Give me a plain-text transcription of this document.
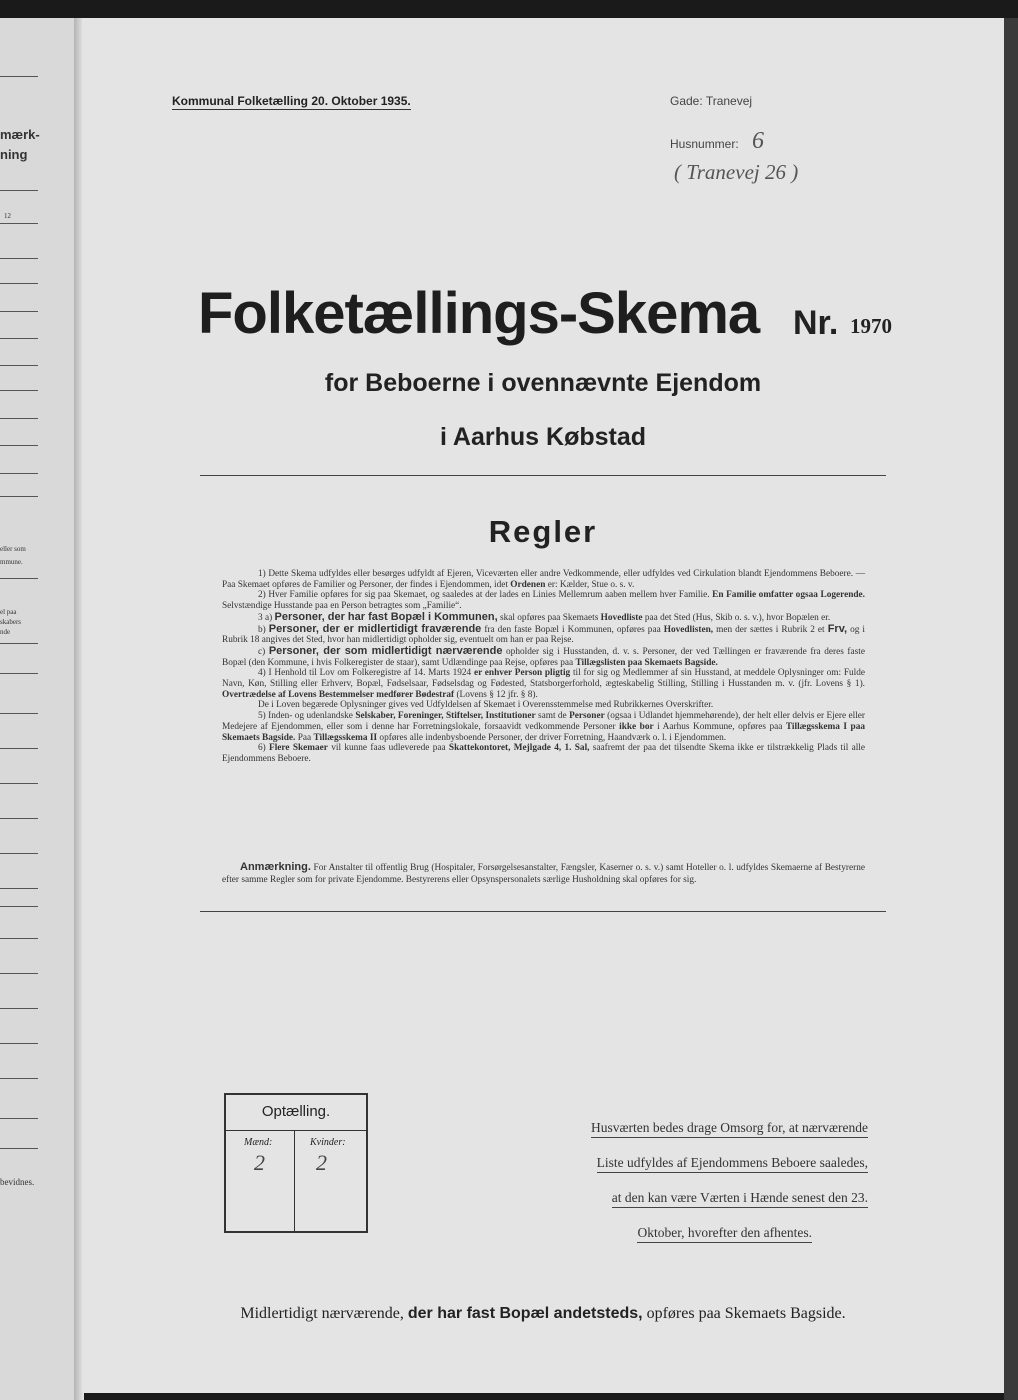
mærk-
ning
12
eller som
mmune.
el paa
skabers
nde
bevidnes.
Kommunal Folketælling 20. Oktober 1935.	Gade: Tranevej
Husnummer: 6
( Tranevej 26 )
Folketællings-Skema Nr. 1970
for Beboerne i ovennævnte Ejendom
i Aarhus Købstad
Regler

1) Dette Skema udfyldes eller besørges udfyldt af Ejeren, Viceværten eller andre Vedkommende, eller udfyldes ved Cirkulation blandt Ejendommens Beboere. — Paa Skemaet opføres de Familier og Personer, der findes i Ejendommen, idet Ordenen er: Kælder, Stue o. s. v.

2) Hver Familie opføres for sig paa Skemaet, og saaledes at der lades en Linies Mellemrum aaben mellem hver Familie. En Familie omfatter ogsaa Logerende. Selvstændige Husstande paa en Person betragtes som „Familie“.

3 a) Personer, der har fast Bopæl i Kommunen, skal opføres paa Skemaets Hovedliste paa det Sted (Hus, Skib o. s. v.), hvor Bopælen er.

b) Personer, der er midlertidigt fraværende fra den faste Bopæl i Kommunen, opføres paa Hovedlisten, men der sættes i Rubrik 2 et Frv, og i Rubrik 18 angives det Sted, hvor han midlertidigt opholder sig, eventuelt om han er paa Rejse.

c) Personer, der som midlertidigt nærværende opholder sig i Husstanden, d. v. s. Personer, der ved Tællingen er fraværende fra deres faste Bopæl (den Kommune, i hvis Folkeregister de staar), samt Udlændinge paa Rejse, opføres paa Tillægslisten paa Skemaets Bagside.

4) I Henhold til Lov om Folkeregistre af 14. Marts 1924 er enhver Person pligtig til for sig og Medlemmer af sin Husstand, at meddele Oplysninger om: Fulde Navn, Køn, Stilling eller Erhverv, Bopæl, Fødselsaar, Fødselsdag og Fødested, Statsborgerforhold, ægteskabelig Stilling, Stilling i Husstanden m. v. (jfr. Lovens § 1). Overtrædelse af Lovens Bestemmelser medfører Bødestraf (Lovens § 12 jfr. § 8).

De i Loven begærede Oplysninger gives ved Udfyldelsen af Skemaet i Overensstemmelse med Rubrikkernes Overskrifter.

5) Inden- og udenlandske Selskaber, Foreninger, Stiftelser, Institutioner samt de Personer (ogsaa i Udlandet hjemmehørende), der helt eller delvis er Ejere eller Medejere af Ejendommen, eller som i denne har Forretningslokale, forsaavidt vedkommende Personer ikke bor i Aarhus Kommune, opføres paa Tillægsskema I paa Skemaets Bagside. Paa Tillægsskema II opføres alle indenbysboende Personer, der driver Forretning, Haandværk o. l. i Ejendommen.

6) Flere Skemaer vil kunne faas udleverede paa Skattekontoret, Mejlgade 4, 1. Sal, saafremt der paa det tilsendte Skema ikke er tilstrækkelig Plads til alle Ejendommens Beboere.

Anmærkning. For Anstalter til offentlig Brug (Hospitaler, Forsørgelsesanstalter, Fængsler, Kaserner o. s. v.) samt Hoteller o. l. udfyldes Skemaerne af Bestyrerne efter samme Regler som for private Ejendomme. Bestyrerens eller Opsynspersonalets særlige Husholdning skal opføres for sig.
Optælling.
Mænd:	Kvinder:
2 2
Husværten bedes drage Omsorg for, at nærværende
Liste udfyldes af Ejendommens Beboere saaledes,
at den kan være Værten i Hænde senest den 23.
Oktober, hvorefter den afhentes.
Midlertidigt nærværende, der har fast Bopæl andetsteds, opføres paa Skemaets Bagside.
